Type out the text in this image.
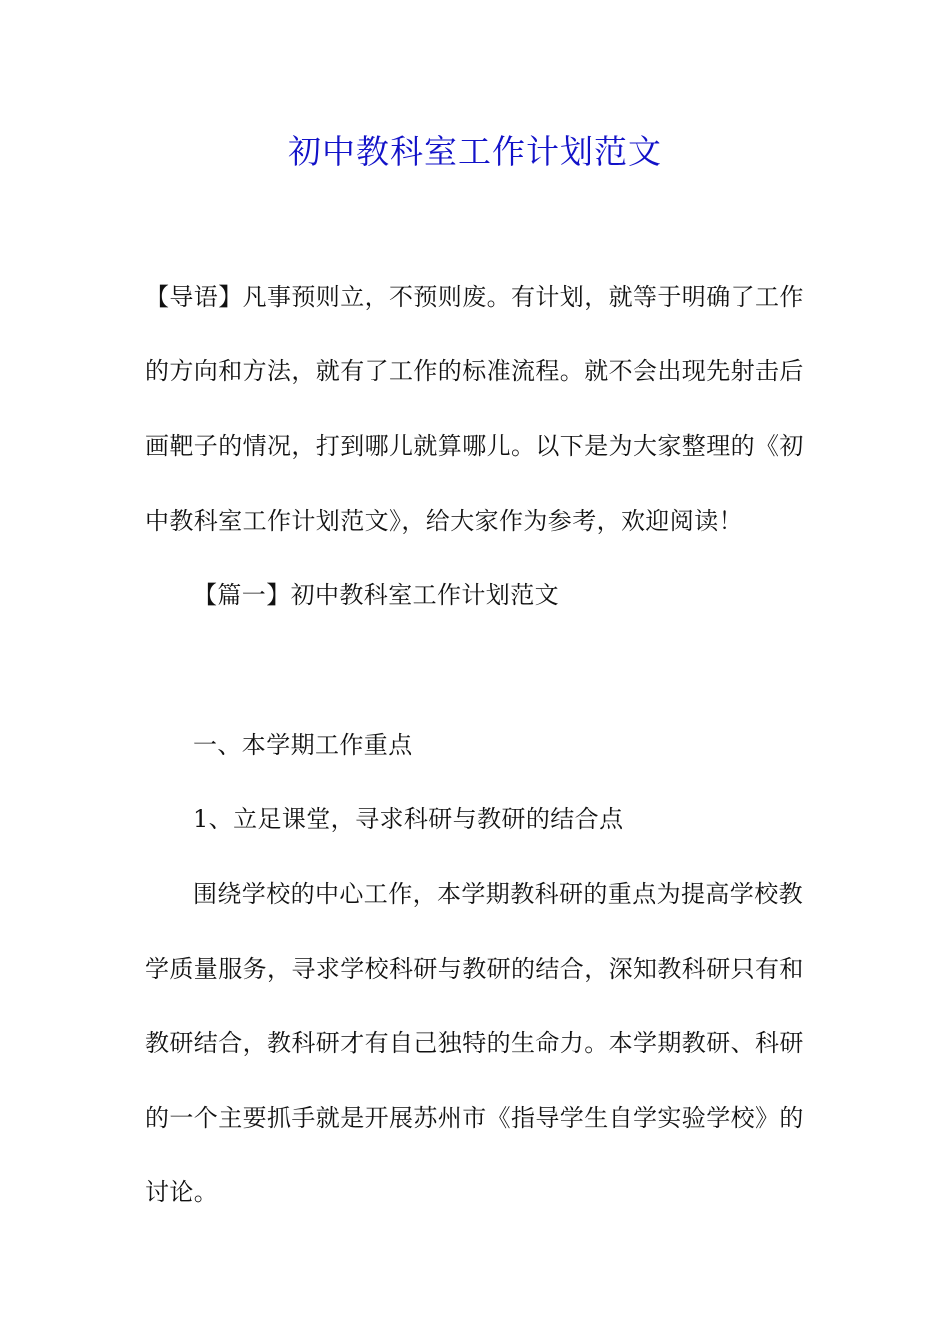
初中教科室工作计划范文

【导语】凡事预则立，不预则废。有计划，就等于明确了工作

的方向和方法，就有了工作的标准流程。就不会出现先射击后

画靶子的情况，打到哪儿就算哪儿。以下是为大家整理的《初

中教科室工作计划范文》，给大家作为参考，欢迎阅读！

【篇一】初中教科室工作计划范文

一、本学期工作重点

1、立足课堂，寻求科研与教研的结合点

围绕学校的中心工作，本学期教科研的重点为提高学校教

学质量服务，寻求学校科研与教研的结合，深知教科研只有和

教研结合，教科研才有自己独特的生命力。本学期教研、科研

的一个主要抓手就是开展苏州市《指导学生自学实验学校》的

讨论。
